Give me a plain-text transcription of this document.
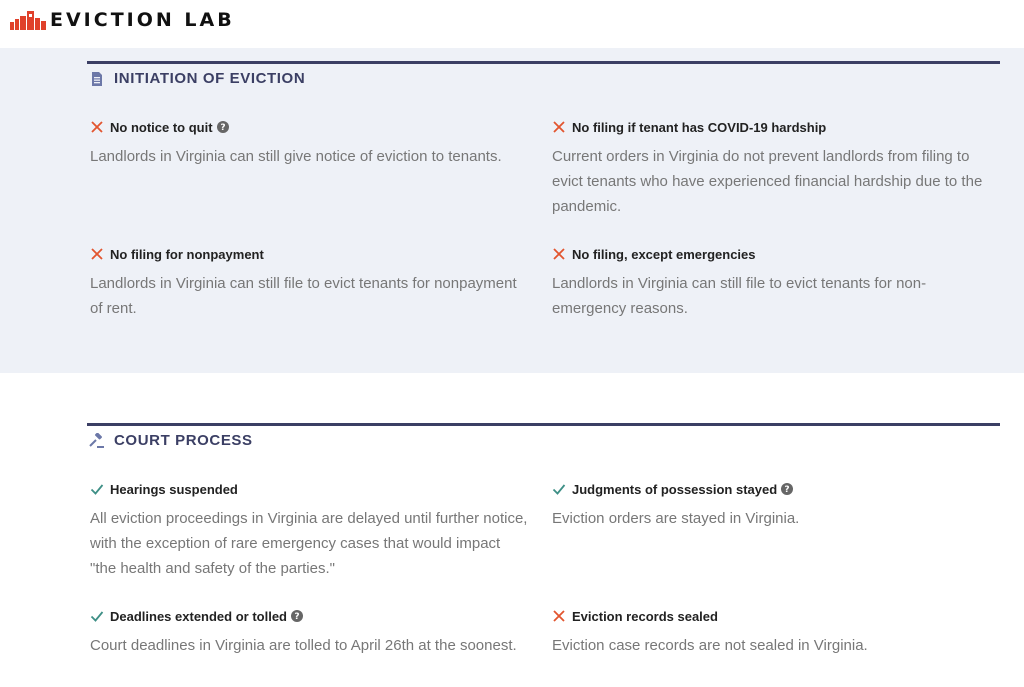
EVICTION LAB
INITIATION OF EVICTION
No notice to quit ?
Landlords in Virginia can still give notice of eviction to tenants.
No filing if tenant has COVID-19 hardship
Current orders in Virginia do not prevent landlords from filing to evict tenants who have experienced financial hardship due to the pandemic.
No filing for nonpayment
Landlords in Virginia can still file to evict tenants for nonpayment of rent.
No filing, except emergencies
Landlords in Virginia can still file to evict tenants for non-emergency reasons.
COURT PROCESS
Hearings suspended
All eviction proceedings in Virginia are delayed until further notice, with the exception of rare emergency cases that would impact "the health and safety of the parties."
Judgments of possession stayed ?
Eviction orders are stayed in Virginia.
Deadlines extended or tolled ?
Court deadlines in Virginia are tolled to April 26th at the soonest.
Eviction records sealed
Eviction case records are not sealed in Virginia.
